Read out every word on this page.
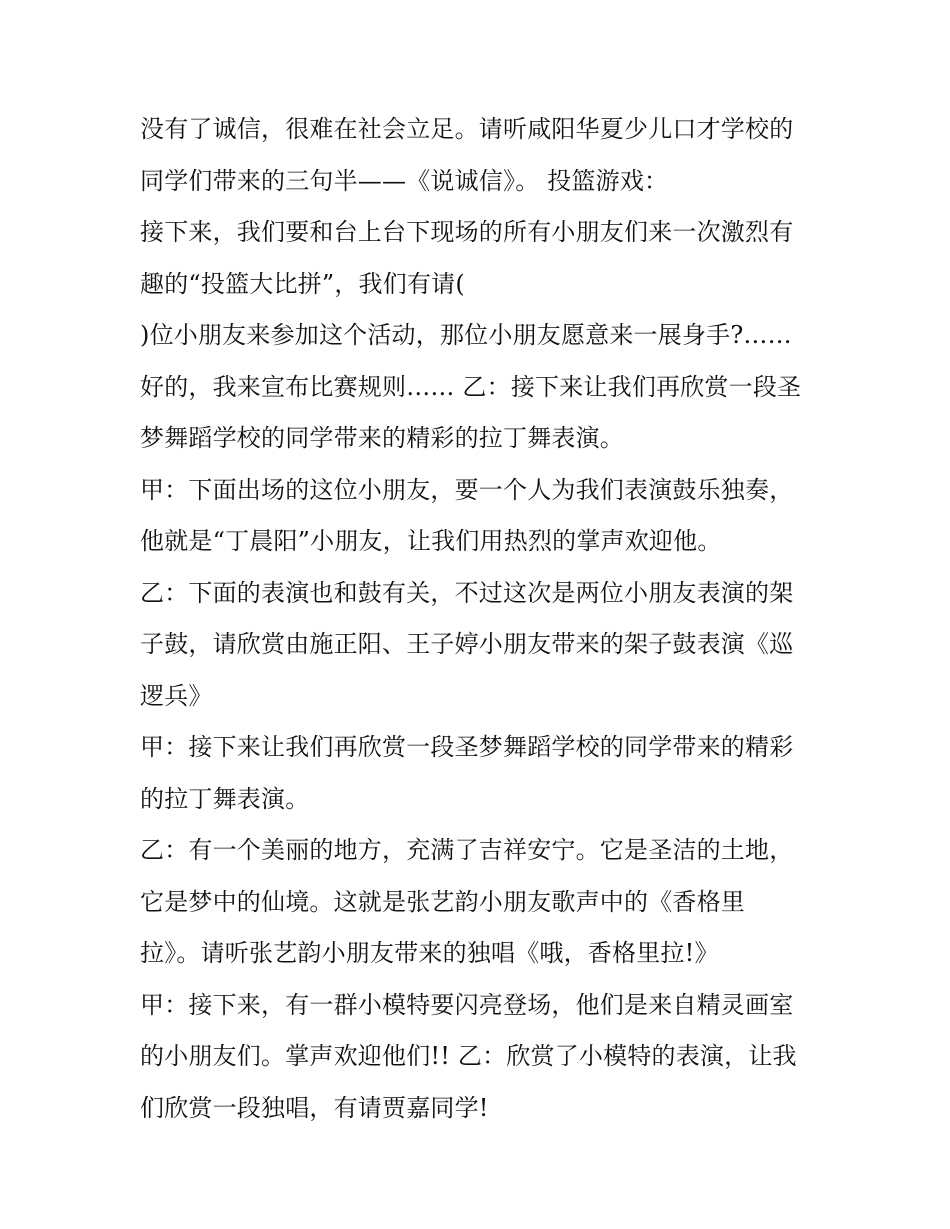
没有了诚信，很难在社会立足。请听咸阳华夏少儿口才学校的
同学们带来的三句半——《说诚信》。 投篮游戏：
接下来，我们要和台上台下现场的所有小朋友们来一次激烈有
趣的“投篮大比拼”，我们有请(
)位小朋友来参加这个活动，那位小朋友愿意来一展身手?……
好的，我来宣布比赛规则…… 乙：接下来让我们再欣赏一段圣
梦舞蹈学校的同学带来的精彩的拉丁舞表演。
甲：下面出场的这位小朋友，要一个人为我们表演鼓乐独奏，
他就是“丁晨阳”小朋友，让我们用热烈的掌声欢迎他。
乙：下面的表演也和鼓有关，不过这次是两位小朋友表演的架
子鼓，请欣赏由施正阳、王子婷小朋友带来的架子鼓表演《巡
逻兵》
甲：接下来让我们再欣赏一段圣梦舞蹈学校的同学带来的精彩
的拉丁舞表演。
乙：有一个美丽的地方，充满了吉祥安宁。它是圣洁的土地，
它是梦中的仙境。这就是张艺韵小朋友歌声中的《香格里
拉》。请听张艺韵小朋友带来的独唱《哦，香格里拉!》
甲：接下来，有一群小模特要闪亮登场，他们是来自精灵画室
的小朋友们。掌声欢迎他们!! 乙：欣赏了小模特的表演，让我
们欣赏一段独唱，有请贾嘉同学!
